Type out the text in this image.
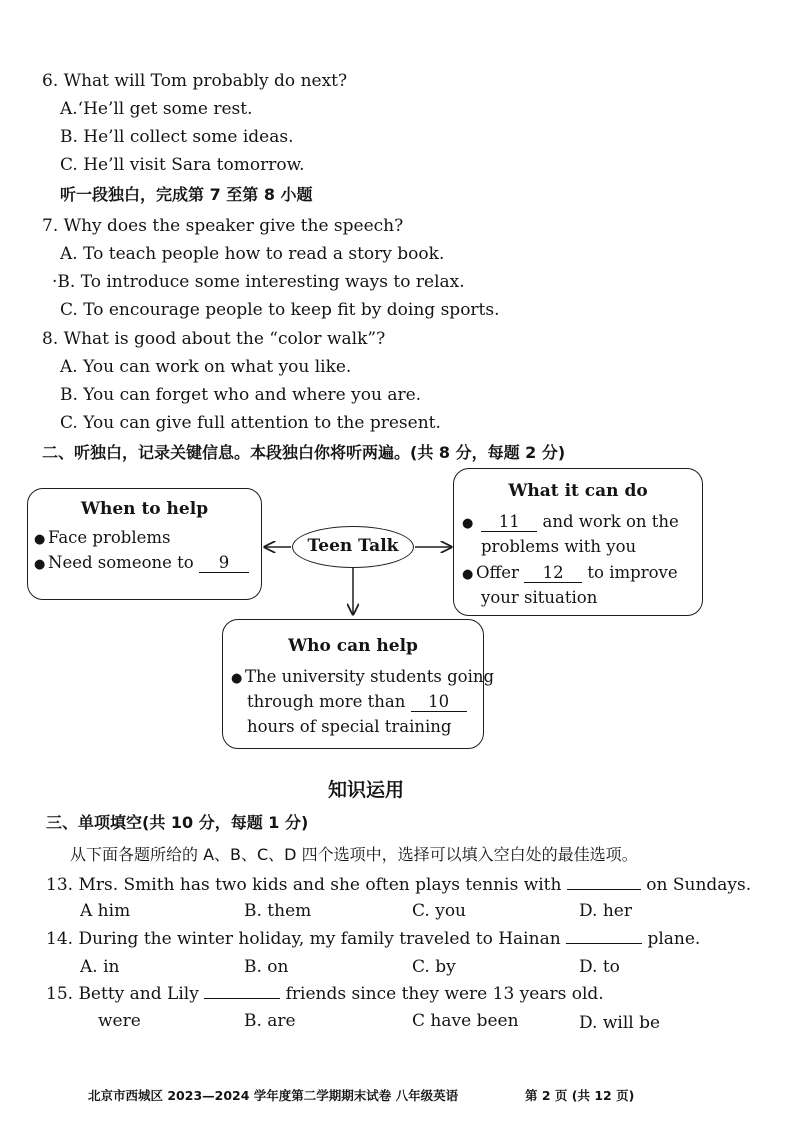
6. What will Tom probably do next?
A.‘He’ll get some rest.
B. He’ll collect some ideas.
C. He’ll visit Sara tomorrow.
听一段独白，完成第 7 至第 8 小题
7. Why does the speaker give the speech?
A. To teach people how to read a story book.
·B. To introduce some interesting ways to relax.
C. To encourage people to keep fit by doing sports.
8. What is good about the “color walk”?
A. You can work on what you like.
B. You can forget who and where you are.
C. You can give full attention to the present.
二、听独白，记录关键信息。本段独白你将听两遍。(共 8 分，每题 2 分)
When to help
● Face problems
● Need someone to 9
Teen Talk
What it can do
● 11 and work on the
problems with you
● Offer 12 to improve
your situation
Who can help
● The university students going
through more than 10
hours of special training
知识运用
三、单项填空(共 10 分，每题 1 分)
从下面各题所给的 A、B、C、D 四个选项中，选择可以填入空白处的最佳选项。
13. Mrs. Smith has two kids and she often plays tennis with	on Sundays.
A him	B. them	C. you	D. her
14. During the winter holiday, my family traveled to Hainan	plane.
A. in	B. on	C. by	D. to
15. Betty and Lily	friends since they were 13 years old.
were	B. are	C have been	D. will be
北京市西城区 2023—2024 学年度第二学期期末试卷 八年级英语	第 2 页 (共 12 页)
